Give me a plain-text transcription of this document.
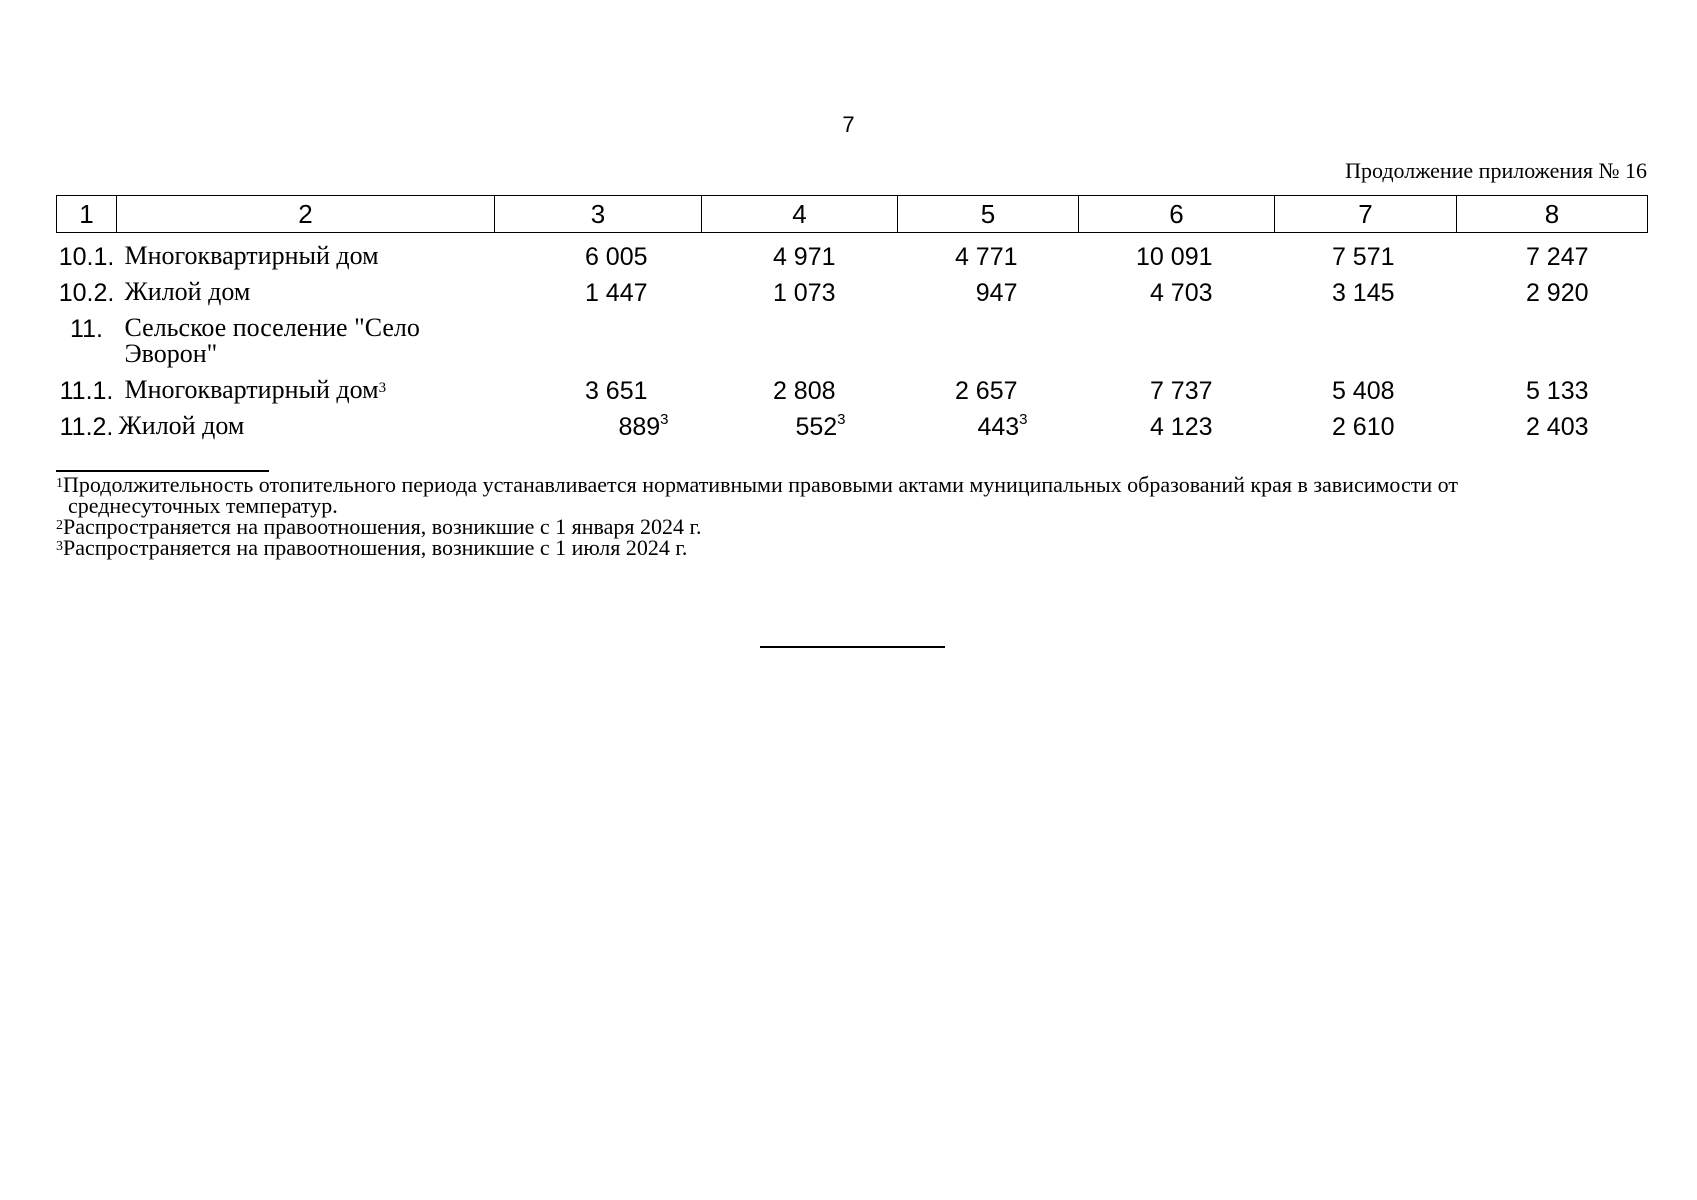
7
Продолжение приложения № 16
1	2	3	4	5	6	7	8
10.1.	Многоквартирный дом	6 005	4 971	4 771	10 091	7 571	7 247
10.2.	Жилой дом	1 447	1 073	947	4 703	3 145	2 920
11.	Сельское поселение "Село Эворон"						
11.1.	Многоквартирный дом$^3$	3 651	2 808	2 657	7 737	5 408	5 133
11.2.	Жилой дом	889$^3$	552$^3$	443$^3$	4 123	2 610	2 403

$^1$Продолжительность отопительного периода устанавливается нормативными правовыми актами муниципальных образований края в зависимости от

среднесуточных температур.

$^2$Распространяется на правоотношения, возникшие с 1 января 2024 г.

$^3$Распространяется на правоотношения, возникшие с 1 июля 2024 г.
